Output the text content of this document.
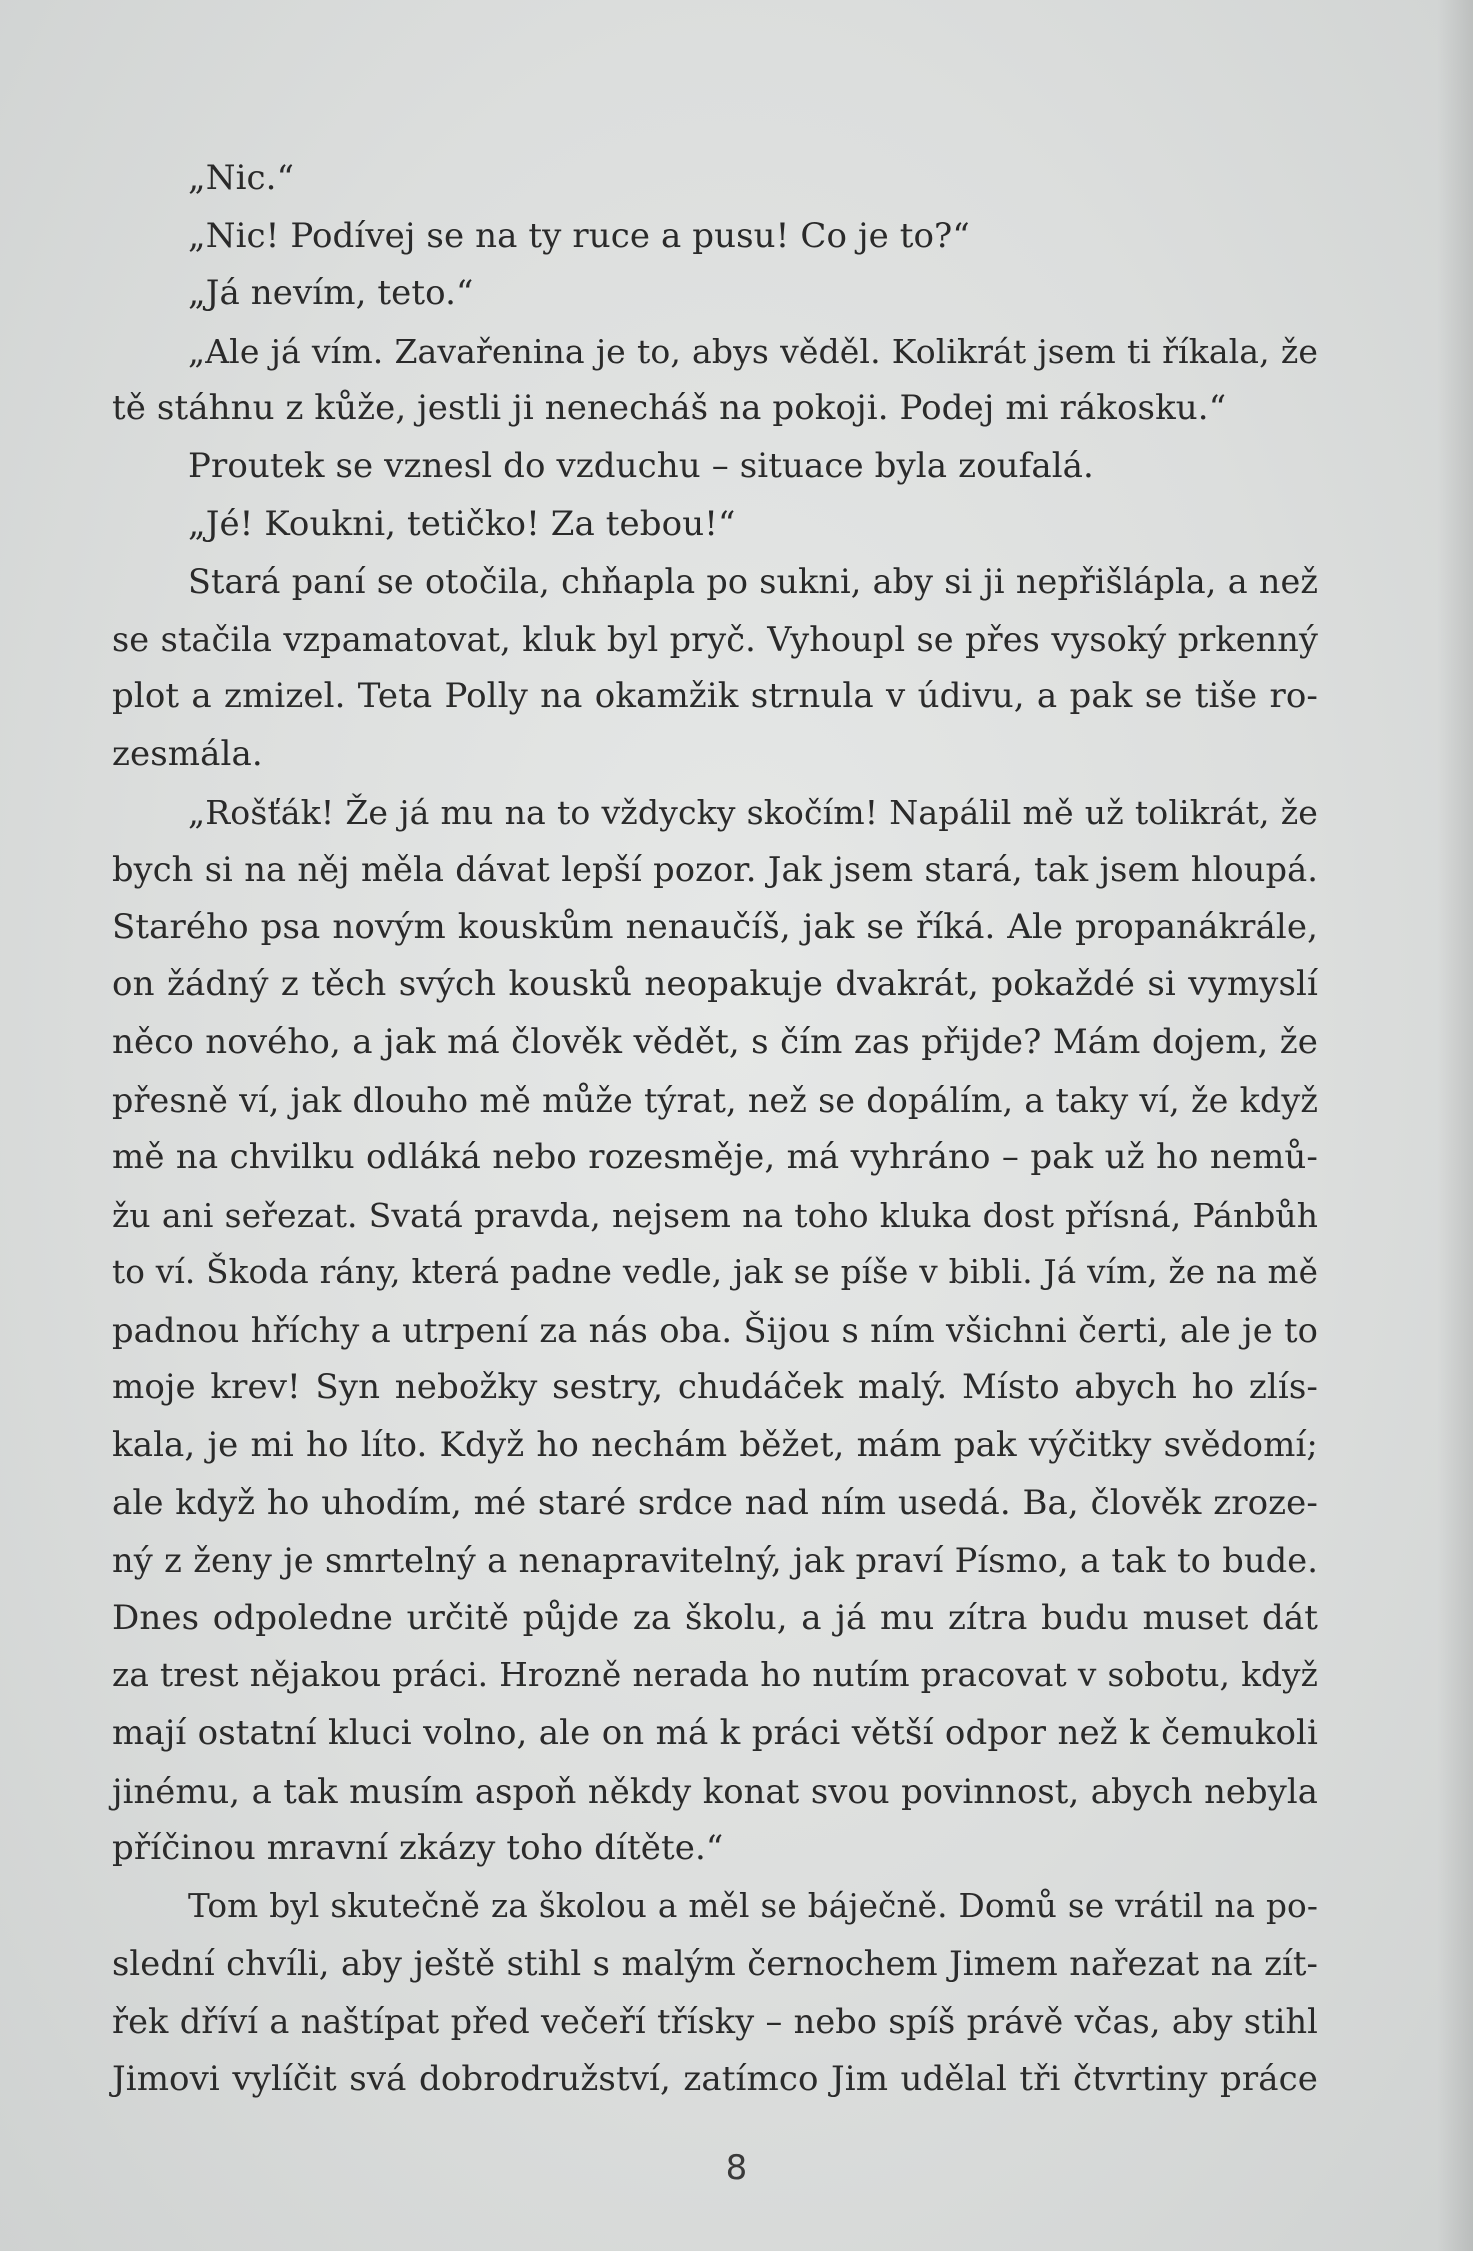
„Nic.“
„Nic! Podívej se na ty ruce a pusu! Co je to?“
„Já nevím, teto.“
„Ale já vím. Zavařenina je to, abys věděl. Kolikrát jsem ti říkala, že
tě stáhnu z kůže, jestli ji nenecháš na pokoji. Podej mi rákosku.“
Proutek se vznesl do vzduchu – situace byla zoufalá.
„Jé! Koukni, tetičko! Za tebou!“
Stará paní se otočila, chňapla po sukni, aby si ji nepřišlápla, a než
se stačila vzpamatovat, kluk byl pryč. Vyhoupl se přes vysoký prkenný
plot a zmizel. Teta Polly na okamžik strnula v údivu, a pak se tiše ro-
zesmála.
„Rošťák! Že já mu na to vždycky skočím! Napálil mě už tolikrát, že
bych si na něj měla dávat lepší pozor. Jak jsem stará, tak jsem hloupá.
Starého psa novým kouskům nenaučíš, jak se říká. Ale propanákrále,
on žádný z těch svých kousků neopakuje dvakrát, pokaždé si vymyslí
něco nového, a jak má člověk vědět, s čím zas přijde? Mám dojem, že
přesně ví, jak dlouho mě může týrat, než se dopálím, a taky ví, že když
mě na chvilku odláká nebo rozesměje, má vyhráno – pak už ho nemů-
žu ani seřezat. Svatá pravda, nejsem na toho kluka dost přísná, Pánbůh
to ví. Škoda rány, která padne vedle, jak se píše v bibli. Já vím, že na mě
padnou hříchy a utrpení za nás oba. Šijou s ním všichni čerti, ale je to
moje krev! Syn nebožky sestry, chudáček malý. Místo abych ho zlís-
kala, je mi ho líto. Když ho nechám běžet, mám pak výčitky svědomí;
ale když ho uhodím, mé staré srdce nad ním usedá. Ba, člověk zroze-
ný z ženy je smrtelný a nenapravitelný, jak praví Písmo, a tak to bude.
Dnes odpoledne určitě půjde za školu, a já mu zítra budu muset dát
za trest nějakou práci. Hrozně nerada ho nutím pracovat v sobotu, když
mají ostatní kluci volno, ale on má k práci větší odpor než k čemukoli
jinému, a tak musím aspoň někdy konat svou povinnost, abych nebyla
příčinou mravní zkázy toho dítěte.“
Tom byl skutečně za školou a měl se báječně. Domů se vrátil na po-
slední chvíli, aby ještě stihl s malým černochem Jimem nařezat na zít-
řek dříví a naštípat před večeří třísky – nebo spíš právě včas, aby stihl
Jimovi vylíčit svá dobrodružství, zatímco Jim udělal tři čtvrtiny práce
8
